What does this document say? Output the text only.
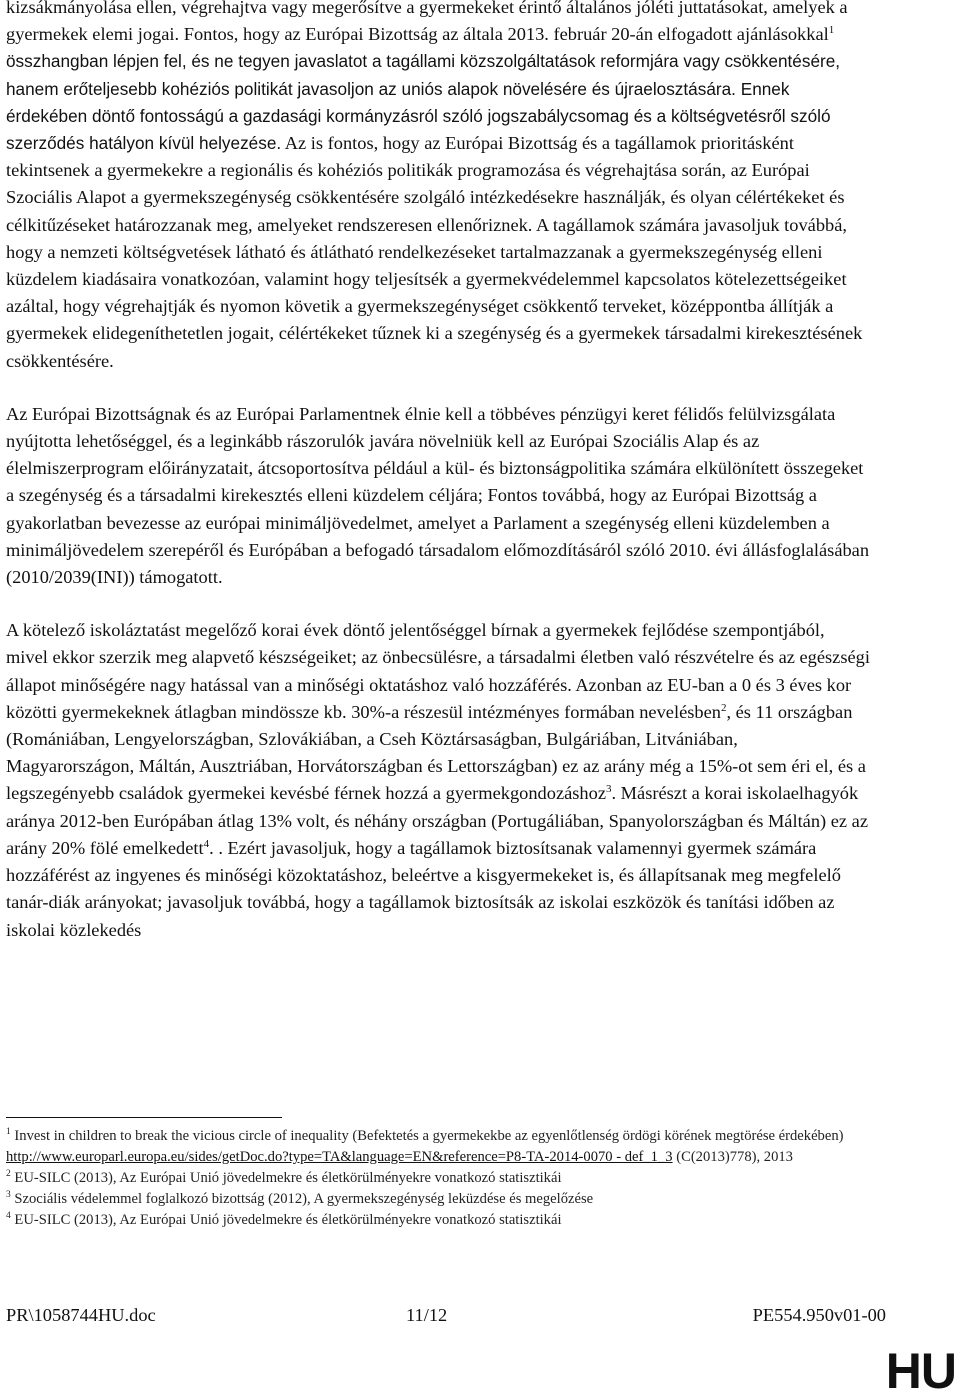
kizsákmányolása ellen, végrehajtva vagy megerősítve a gyermekeket érintő általános jóléti juttatásokat, amelyek a gyermekek elemi jogai. Fontos, hogy az Európai Bizottság az általa 2013. február 20-án elfogadott ajánlásokkal$^1$ összhangban lépjen fel, és ne tegyen javaslatot a tagállami közszolgáltatások reformjára vagy csökkentésére, hanem erőteljesebb kohéziós politikát javasoljon az uniós alapok növelésére és újraelosztására. Ennek érdekében döntő fontosságú a gazdasági kormányzásról szóló jogszabálycsomag és a költségvetésről szóló szerződés hatályon kívül helyezése. Az is fontos, hogy az Európai Bizottság és a tagállamok prioritásként tekintsenek a gyermekekre a regionális és kohéziós politikák programozása és végrehajtása során, az Európai Szociális Alapot a gyermekszegénység csökkentésére szolgáló intézkedésekre használják, és olyan célértékeket és célkitűzéseket határozzanak meg, amelyeket rendszeresen ellenőriznek. A tagállamok számára javasoljuk továbbá, hogy a nemzeti költségvetések látható és átlátható rendelkezéseket tartalmazzanak a gyermekszegénység elleni küzdelem kiadásaira vonatkozóan, valamint hogy teljesítsék a gyermekvédelemmel kapcsolatos kötelezettségeiket azáltal, hogy végrehajtják és nyomon követik a gyermekszegénységet csökkentő terveket, középpontba állítják a gyermekek elidegeníthetetlen jogait, célértékeket tűznek ki a szegénység és a gyermekek társadalmi kirekesztésének csökkentésére.

Az Európai Bizottságnak és az Európai Parlamentnek élnie kell a többéves pénzügyi keret félidős felülvizsgálata nyújtotta lehetőséggel, és a leginkább rászorulók javára növelniük kell az Európai Szociális Alap és az élelmiszerprogram előirányzatait, átcsoportosítva például a kül- és biztonságpolitika számára elkülönített összegeket a szegénység és a társadalmi kirekesztés elleni küzdelem céljára; Fontos továbbá, hogy az Európai Bizottság a gyakorlatban bevezesse az európai minimáljövedelmet, amelyet a Parlament a szegénység elleni küzdelemben a minimáljövedelem szerepéről és Európában a befogadó társadalom előmozdításáról szóló 2010. évi állásfoglalásában (2010/2039(INI)) támogatott.

A kötelező iskoláztatást megelőző korai évek döntő jelentőséggel bírnak a gyermekek fejlődése szempontjából, mivel ekkor szerzik meg alapvető készségeiket; az önbecsülésre, a társadalmi életben való részvételre és az egészségi állapot minőségére nagy hatással van a minőségi oktatáshoz való hozzáférés. Azonban az EU-ban a 0 és 3 éves kor közötti gyermekeknek átlagban mindössze kb. 30%-a részesül intézményes formában nevelésben$^2$, és 11 országban (Romániában, Lengyelországban, Szlovákiában, a Cseh Köztársaságban, Bulgáriában, Litvániában, Magyarországon, Máltán, Ausztriában, Horvátországban és Lettországban) ez az arány még a 15%-ot sem éri el, és a legszegényebb családok gyermekei kevésbé férnek hozzá a gyermekgondozáshoz$^3$. Másrészt a korai iskolaelhagyók aránya 2012-ben Európában átlag 13% volt, és néhány országban (Portugáliában, Spanyolországban és Máltán) ez az arány 20% fölé emelkedett$^4$. . Ezért javasoljuk, hogy a tagállamok biztosítsanak valamennyi gyermek számára hozzáférést az ingyenes és minőségi közoktatáshoz, beleértve a kisgyermekeket is, és állapítsanak meg megfelelő tanár-diák arányokat; javasoljuk továbbá, hogy a tagállamok biztosítsák az iskolai eszközök és tanítási időben az iskolai közlekedés

$^1$ Invest in children to break the vicious circle of inequality (Befektetés a gyermekekbe az egyenlőtlenség ördögi körének megtörése érdekében)
http://www.europarl.europa.eu/sides/getDoc.do?type=TA&language=EN&reference=P8-TA-2014-0070 - def_1_3 (C(2013)778), 2013

$^2$ EU-SILC (2013), Az Európai Unió jövedelmekre és életkörülményekre vonatkozó statisztikái

$^3$ Szociális védelemmel foglalkozó bizottság (2012), A gyermekszegénység leküzdése és megelőzése

$^4$ EU-SILC (2013), Az Európai Unió jövedelmekre és életkörülményekre vonatkozó statisztikái

PR\1058744HU.doc	11/12	PE554.950v01-00
HU
